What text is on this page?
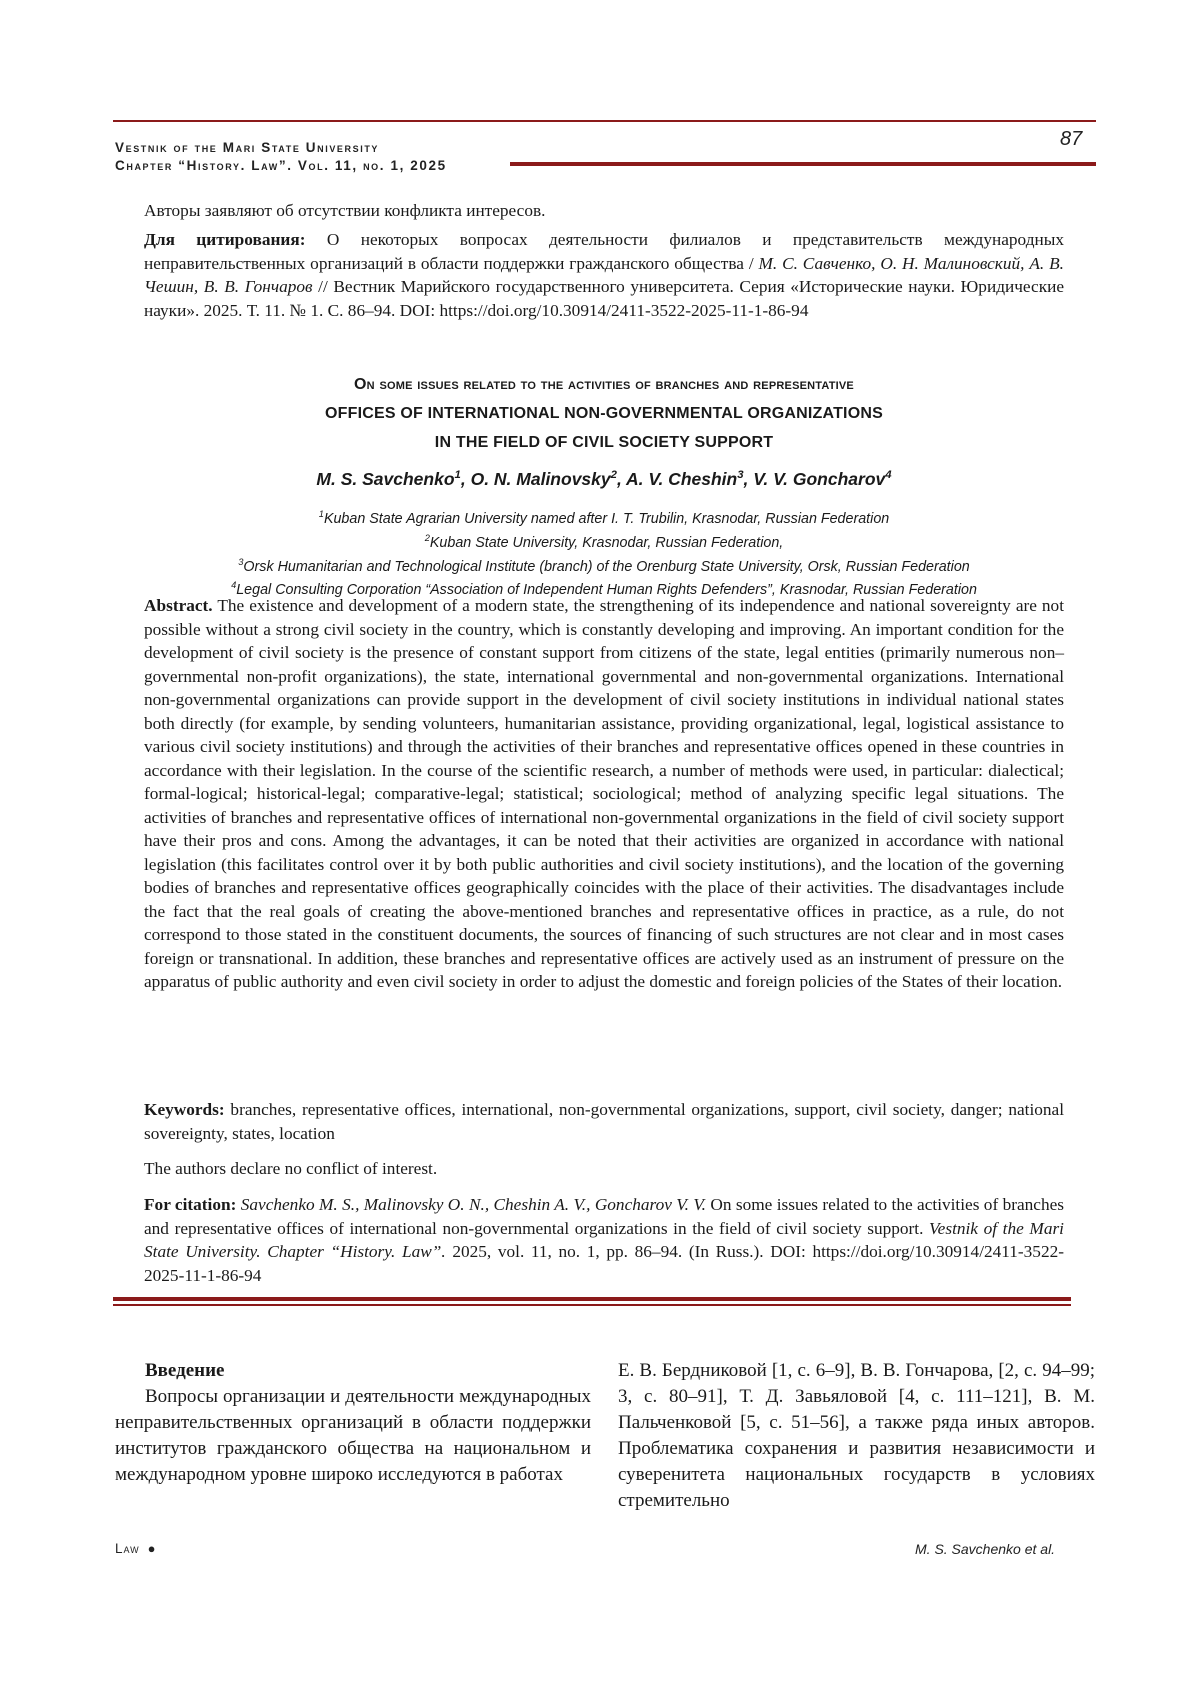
Vestnik of the Mari State University
Chapter “History. Law”. Vol. 11, no. 1, 2025
87

Авторы заявляют об отсутствии конфликта интересов.

Для цитирования: О некоторых вопросах деятельности филиалов и представительств международных неправительственных организаций в области поддержки гражданского общества / М. С. Савченко, О. Н. Малиновский, А. В. Чешин, В. В. Гончаров // Вестник Марийского государственного университета. Серия «Исторические науки. Юридические науки». 2025. Т. 11. № 1. С. 86–94. DOI: https://doi.org/10.30914/2411-3522-2025-11-1-86-94

On some issues related to the activities of branches and representative
OFFICES OF INTERNATIONAL NON-GOVERNMENTAL ORGANIZATIONS
IN THE FIELD OF CIVIL SOCIETY SUPPORT
M. S. Savchenko$^1$, O. N. Malinovsky$^2$, A. V. Cheshin$^3$, V. V. Goncharov$^4$
$^1$Kuban State Agrarian University named after I. T. Trubilin, Krasnodar, Russian Federation
$^2$Kuban State University, Krasnodar, Russian Federation,
$^3$Orsk Humanitarian and Technological Institute (branch) of the Orenburg State University, Orsk, Russian Federation
$^4$Legal Consulting Corporation “Association of Independent Human Rights Defenders”, Krasnodar, Russian Federation

Abstract. The existence and development of a modern state, the strengthening of its independence and national sovereignty are not possible without a strong civil society in the country, which is constantly developing and improving. An important condition for the development of civil society is the presence of constant support from citizens of the state, legal entities (primarily numerous non–governmental non-profit organizations), the state, international governmental and non-governmental organizations. International non-governmental organizations can provide support in the development of civil society institutions in individual national states both directly (for example, by sending volunteers, humanitarian assistance, providing organizational, legal, logistical assistance to various civil society institutions) and through the activities of their branches and representative offices opened in these countries in accordance with their legislation. In the course of the scientific research, a number of methods were used, in particular: dialectical; formal-logical; historical-legal; comparative-legal; statistical; sociological; method of analyzing specific legal situations. The activities of branches and representative offices of international non-governmental organizations in the field of civil society support have their pros and cons. Among the advantages, it can be noted that their activities are organized in accordance with national legislation (this facilitates control over it by both public authorities and civil society institutions), and the location of the governing bodies of branches and representative offices geographically coincides with the place of their activities. The disadvantages include the fact that the real goals of creating the above-mentioned branches and representative offices in practice, as a rule, do not correspond to those stated in the constituent documents, the sources of financing of such structures are not clear and in most cases foreign or transnational. In addition, these branches and representative offices are actively used as an instrument of pressure on the apparatus of public authority and even civil society in order to adjust the domestic and foreign policies of the States of their location.

Keywords: branches, representative offices, international, non-governmental organizations, support, civil society, danger; national sovereignty, states, location

The authors declare no conflict of interest.

For citation: Savchenko M. S., Malinovsky O. N., Cheshin A. V., Goncharov V. V. On some issues related to the activities of branches and representative offices of international non-governmental organizations in the field of civil society support. Vestnik of the Mari State University. Chapter “History. Law”. 2025, vol. 11, no. 1, pp. 86–94. (In Russ.). DOI: https://doi.org/10.30914/2411-3522-2025-11-1-86-94

Введение

Вопросы организации и деятельности международных неправительственных организаций в области поддержки институтов гражданского общества на национальном и международном уровне широко исследуются в работах

Е. В. Бердниковой [1, с. 6–9], В. В. Гончарова, [2, с. 94–99; 3, с. 80–91], Т. Д. Завьяловой [4, с. 111–121], В. М. Пальченковой [5, с. 51–56], а также ряда иных авторов. Проблематика сохранения и развития независимости и суверенитета национальных государств в условиях стремительно

Law ●	M. S. Savchenko et al.
